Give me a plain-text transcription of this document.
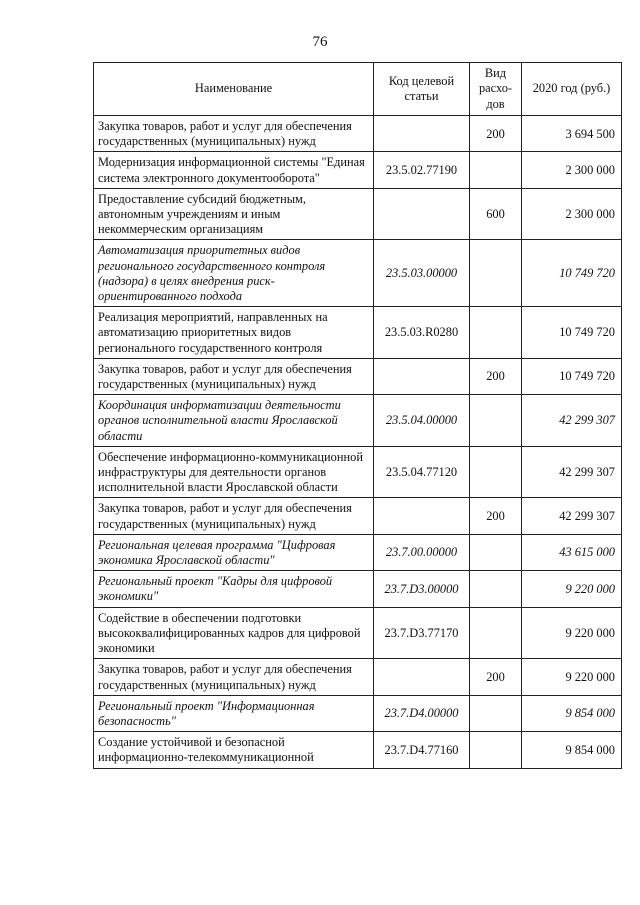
76
Наименование	Код целевой статьи	Вид расхо-дов	2020 год (руб.)
Закупка товаров, работ и услуг для обеспечения государственных (муниципальных) нужд		200	3 694 500
Модернизация информационной системы "Единая система электронного документооборота"	23.5.02.77190		2 300 000
Предоставление субсидий бюджетным, автономным учреждениям и иным некоммерческим организациям		600	2 300 000
Автоматизация приоритетных видов регионального государственного контроля (надзора) в целях внедрения риск-ориентированного подхода	23.5.03.00000		10 749 720
Реализация мероприятий, направленных на автоматизацию приоритетных видов регионального государственного контроля	23.5.03.R0280		10 749 720
Закупка товаров, работ и услуг для обеспечения государственных (муниципальных) нужд		200	10 749 720
Координация информатизации деятельности органов исполнительной власти Ярославской области	23.5.04.00000		42 299 307
Обеспечение информационно-коммуникационной инфраструктуры для деятельности органов исполнительной власти Ярославской области	23.5.04.77120		42 299 307
Закупка товаров, работ и услуг для обеспечения государственных (муниципальных) нужд		200	42 299 307
Региональная целевая программа "Цифровая экономика Ярославской области"	23.7.00.00000		43 615 000
Региональный проект "Кадры для цифровой экономики"	23.7.D3.00000		9 220 000
Содействие в обеспечении подготовки высококвалифицированных кадров для цифровой экономики	23.7.D3.77170		9 220 000
Закупка товаров, работ и услуг для обеспечения государственных (муниципальных) нужд		200	9 220 000
Региональный проект "Информационная безопасность"	23.7.D4.00000		9 854 000
Создание устойчивой и безопасной информационно-телекоммуникационной	23.7.D4.77160		9 854 000
